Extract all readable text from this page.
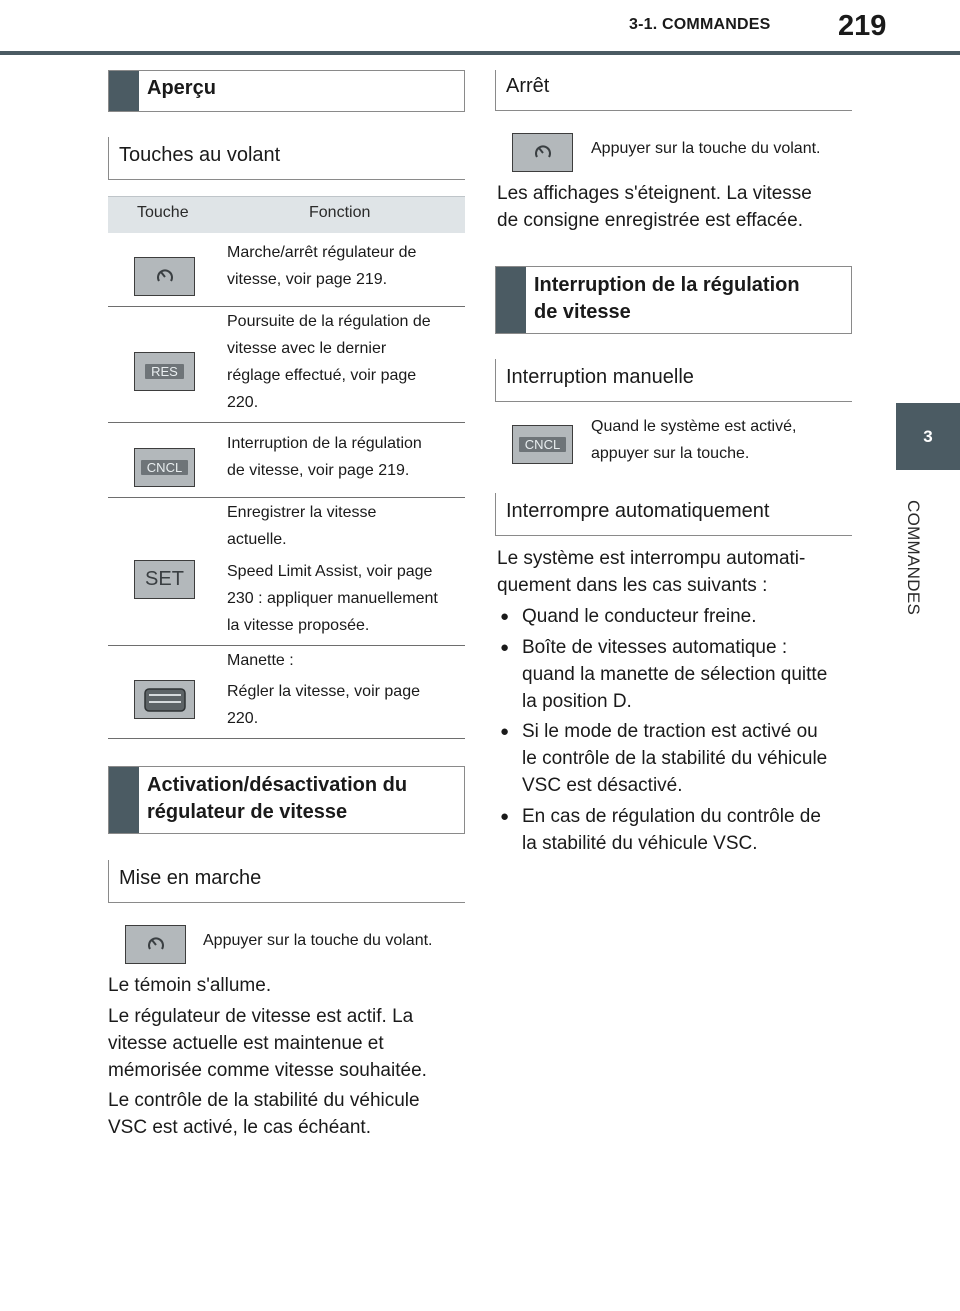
3-1. COMMANDES 219
3
COMMANDES
Aperçu
Touches au volant
Touche	Fonction
Marche/arrêt régulateur de
vitesse, voir page 219.
RES
Poursuite de la régulation de
vitesse avec le dernier
réglage effectué, voir page
220.
CNCL
Interruption de la régulation
de vitesse, voir page 219.
SET
Enregistrer la vitesse
actuelle.
Speed Limit Assist, voir page
230 : appliquer manuellement
la vitesse proposée.
Manette :
Régler la vitesse, voir page
220.
Activation/désactivation du
régulateur de vitesse
Mise en marche
Appuyer sur la touche du volant.
Le témoin s'allume.
Le régulateur de vitesse est actif. La
vitesse actuelle est maintenue et
mémorisée comme vitesse souhaitée.
Le contrôle de la stabilité du véhicule
VSC est activé, le cas échéant.
Arrêt
Appuyer sur la touche du volant.
Les affichages s'éteignent. La vitesse
de consigne enregistrée est effacée.
Interruption de la régulation
de vitesse
Interruption manuelle
CNCL
Quand le système est activé,
appuyer sur la touche.
Interrompre automatiquement
Le système est interrompu automati-
quement dans les cas suivants :
● Quand le conducteur freine.
● Boîte de vitesses automatique :
quand la manette de sélection quitte
la position D.
● Si le mode de traction est activé ou
le contrôle de la stabilité du véhicule
VSC est désactivé.
● En cas de régulation du contrôle de
la stabilité du véhicule VSC.
